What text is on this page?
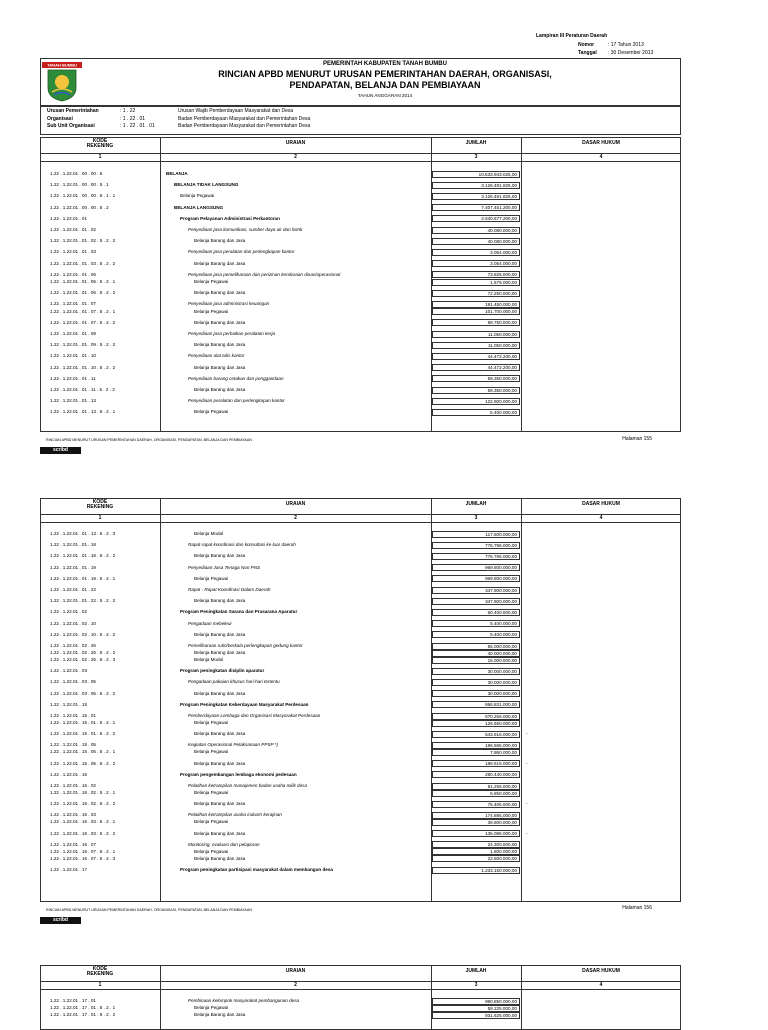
Lampiran III Peraturan Daerah
Nomor	: 17 Tahun 2013
Tanggal : 30 Desember 2013
TANAH BUMBU	PEMERINTAH KABUPATEN TANAH BUMBU
RINCIAN APBD MENURUT URUSAN PEMERINTAHAN DAERAH, ORGANISASI,
PENDAPATAN, BELANJA DAN PEMBIAYAAN
TAHUN ANGGARAN 2014
Urusan Pemerintahan	: 1 . 22	Urusan Wajib Pemberdayaan Masyarakat dan Desa
Organisasi	: 1 . 22 . 01	Badan Pemberdayaan Masyarakat dan Pemerintahan Desa
Sub Unit Organisasi	: 1 . 22 . 01 . 01	Badan Pemberdayaan Masyarakat dan Pemerintahan Desa
KODE
REKENING	URAIAN	JUMLAH	DASAR HUKUM
1	2	3	4
1.22 . 1.22.01 . 00 . 00 . 5	BELANJA	10.533.943.025,00
1.22 . 1.22.01 . 00 . 00 . 5 . 1	BELANJA TIDAK LANGSUNG	3.126.491.825,00
1.22 . 1.22.01 . 00 . 00 . 5 . 1 . 1	Belanja Pegawai	3.126.491.825,00
1.22 . 1.22.01 . 00 . 00 . 5 . 2	BELANJA LANGSUNG	7.407.451.200,00
1.22 . 1.22.01 . 01	Program Pelayanan Administrasi Perkantoran	2.640.677.200,00
1.22 . 1.22.01 . 01 . 02	Penyediaan jasa komunikasi, sumber daya air dan listrik	40.080.000,00
1.22 . 1.22.01 . 01 . 02 . 5 . 2 . 2	Belanja Barang dan Jasa	40.080.000,00
1.22 . 1.22.01 . 01 . 03	Penyediaan jasa peralatan dan perlengkapan kantor	3.054.000,00
1.22 . 1.22.01 . 01 . 03 . 5 . 2 . 2	Belanja Barang dan Jasa	3.054.000,00
1.22 . 1.22.01 . 01 . 06	Penyediaan jasa pemeliharaan dan perizinan kendaraan dinas/operasional	73.825.000,00
1.22 . 1.22.01 . 01 . 06 . 5 . 2 . 1	Belanja Pegawai	1.575.000,00
1.22 . 1.22.01 . 01 . 06 . 5 . 2 . 2	Belanja Barang dan Jasa	72.250.000,00
1.22 . 1.22.01 . 01 . 07	Penyediaan jasa administrasi keuangan	191.450.000,00
1.22 . 1.22.01 . 01 . 07 . 5 . 2 . 1	Belanja Pegawai	101.700.000,00
1.22 . 1.22.01 . 01 . 07 . 5 . 2 . 2	Belanja Barang dan Jasa	89.750.000,00
1.22 . 1.22.01 . 01 . 09	Penyediaan jasa perbaikan peralatan kerja	11.050.000,00
1.22 . 1.22.01 . 01 . 09 . 5 . 2 . 2	Belanja Barang dan Jasa	11.050.000,00
1.22 . 1.22.01 . 01 . 10	Penyediaan alat tulis kantor	44.472.200,00
1.22 . 1.22.01 . 01 . 10 . 5 . 2 . 2	Belanja Barang dan Jasa	44.472.200,00
1.22 . 1.22.01 . 01 . 11	Penyediaan barang cetakan dan penggandaan	59.350.000,00
1.22 . 1.22.01 . 01 . 11 . 5 . 2 . 2	Belanja Barang dan Jasa	59.350.000,00
1.22 . 1.22.01 . 01 . 13	Penyediaan peralatan dan perlengkapan kantor	122.900.000,00
1.22 . 1.22.01 . 01 . 13 . 5 . 2 . 1	Belanja Pegawai	5.400.000,00
RINCIAN APBD MENURUT URUSAN PEMERINTAHAN DAERAH, ORGANISASI, PENDAPATAN, BELANJA DAN PEMBIAYAAN	Halaman 155
scribd
KODE
REKENING	URAIAN	JUMLAH	DASAR HUKUM
1	2	3	4
1.22 . 1.22.01 . 01 . 13 . 5 . 2 . 3	Belanja Modal	117.500.000,00
1.22 . 1.22.01 . 01 . 18	Rapat-rapat koordinasi dan konsultasi ke luar daerah	776.796.000,00
1.22 . 1.22.01 . 01 . 18 . 5 . 2 . 2	Belanja Barang dan Jasa	776.796.000,00
1.22 . 1.22.01 . 01 . 19	Penyediaan Jasa Tenaga Non PNS	969.800.000,00
1.22 . 1.22.01 . 01 . 19 . 5 . 2 . 1	Belanja Pegawai	969.800.000,00
1.22 . 1.22.01 . 01 . 22	Rapat - Rapat Koordinasi Dalam Daerah	347.900.000,00
1.22 . 1.22.01 . 01 . 22 . 5 . 2 . 2	Belanja Barang dan Jasa	347.900.000,00
1.22 . 1.22.01 . 02	Program Peningkatan Sarana dan Prasarana Aparatur	60.400.000,00
1.22 . 1.22.01 . 02 . 10	Pengadaan mebeleur	5.400.000,00
1.22 . 1.22.01 . 02 . 10 . 5 . 2 . 2	Belanja Barang dan Jasa	5.400.000,00
1.22 . 1.22.01 . 02 . 26	Pemeliharaan rutin/berkala perlengkapan gedung kantor	55.000.000,00
1.22 . 1.22.01 . 02 . 26 . 5 . 2 . 2	Belanja Barang dan Jasa	40.000.000,00
1.22 . 1.22.01 . 02 . 26 . 5 . 2 . 3	Belanja Modal	15.000.000,00
1.22 . 1.22.01 . 03	Program peningkatan disiplin aparatur	30.000.000,00
1.22 . 1.22.01 . 03 . 05	Pengadaan pakaian khusus hari-hari tertentu	30.000.000,00
1.22 . 1.22.01 . 03 . 05 . 5 . 2 . 2	Belanja Barang dan Jasa	30.000.000,00
1.22 . 1.22.01 . 15	Program Peningkatan Keberdayaan Masyarakat Perdesaan	866.831.000,00
1.22 . 1.22.01 . 15 . 01	Pemberdayaan Lembaga dan Organisasi Masyarakat Perdesaan	670.266.000,00
1.22 . 1.22.01 . 15 . 01 . 5 . 2 . 1	Belanja Pegawai	126.650.000,00
1.22 . 1.22.01 . 15 . 01 . 5 . 2 . 2	Belanja Barang dan Jasa	543.616.000,00	-
1.22 . 1.22.01 . 15 . 05	Kegiatan Operasional Pelaksanaan PPSP *)	196.565.000,00
1.22 . 1.22.01 . 15 . 05 . 5 . 2 . 1	Belanja Pegawai	7.950.000,00
1.22 . 1.22.01 . 15 . 05 . 5 . 2 . 2	Belanja Barang dan Jasa	188.615.000,00	-
1.22 . 1.22.01 . 16	Program pengembangan lembaga ekonomi pedesaan	280.440.000,00
1.22 . 1.22.01 . 16 . 02	Pelatihan ketrampilan manajemen badan usaha milik desa	81.255.000,00
1.22 . 1.22.01 . 16 . 02 . 5 . 2 . 1	Belanja Pegawai	5.850.000,00
1.22 . 1.22.01 . 16 . 02 . 5 . 2 . 2	Belanja Barang dan Jasa	75.405.000,00	-
1.22 . 1.22.01 . 16 . 03	Pelatihan ketrampilan usaha industri kerajinan	174.885.000,00
1.22 . 1.22.01 . 16 . 03 . 5 . 2 . 1	Belanja Pegawai	39.800.000,00
1.22 . 1.22.01 . 16 . 03 . 5 . 2 . 2	Belanja Barang dan Jasa	135.085.000,00	-
1.22 . 1.22.01 . 16 . 07	Monitoring, evaluasi dan pelaporan	24.300.000,00
1.22 . 1.22.01 . 16 . 07 . 5 . 2 . 1	Belanja Pegawai	1.800.000,00
1.22 . 1.22.01 . 16 . 07 . 5 . 2 . 3	Belanja Barang dan Jasa	22.500.000,00
1.22 . 1.22.01 . 17	Program peningkatan partisipasi masyarakat dalam membangun desa	1.233.150.000,00
RINCIAN APBD MENURUT URUSAN PEMERINTAHAN DAERAH, ORGANISASI, PENDAPATAN, BELANJA DAN PEMBIAYAAN	Halaman 156
scribd
KODE
REKENING	URAIAN	JUMLAH	DASAR HUKUM
1	2	3	4
1.22 . 1.22.01 . 17 . 01	Pembinaan kelompok masyarakat pembangunan desa	990.850.000,00
1.22 . 1.22.01 . 17 . 01 . 5 . 2 . 1	Belanja Pegawai	59.225.000,00
1.22 . 1.22.01 . 17 . 01 . 5 . 2 . 2	Belanja Barang dan Jasa	931.625.000,00
